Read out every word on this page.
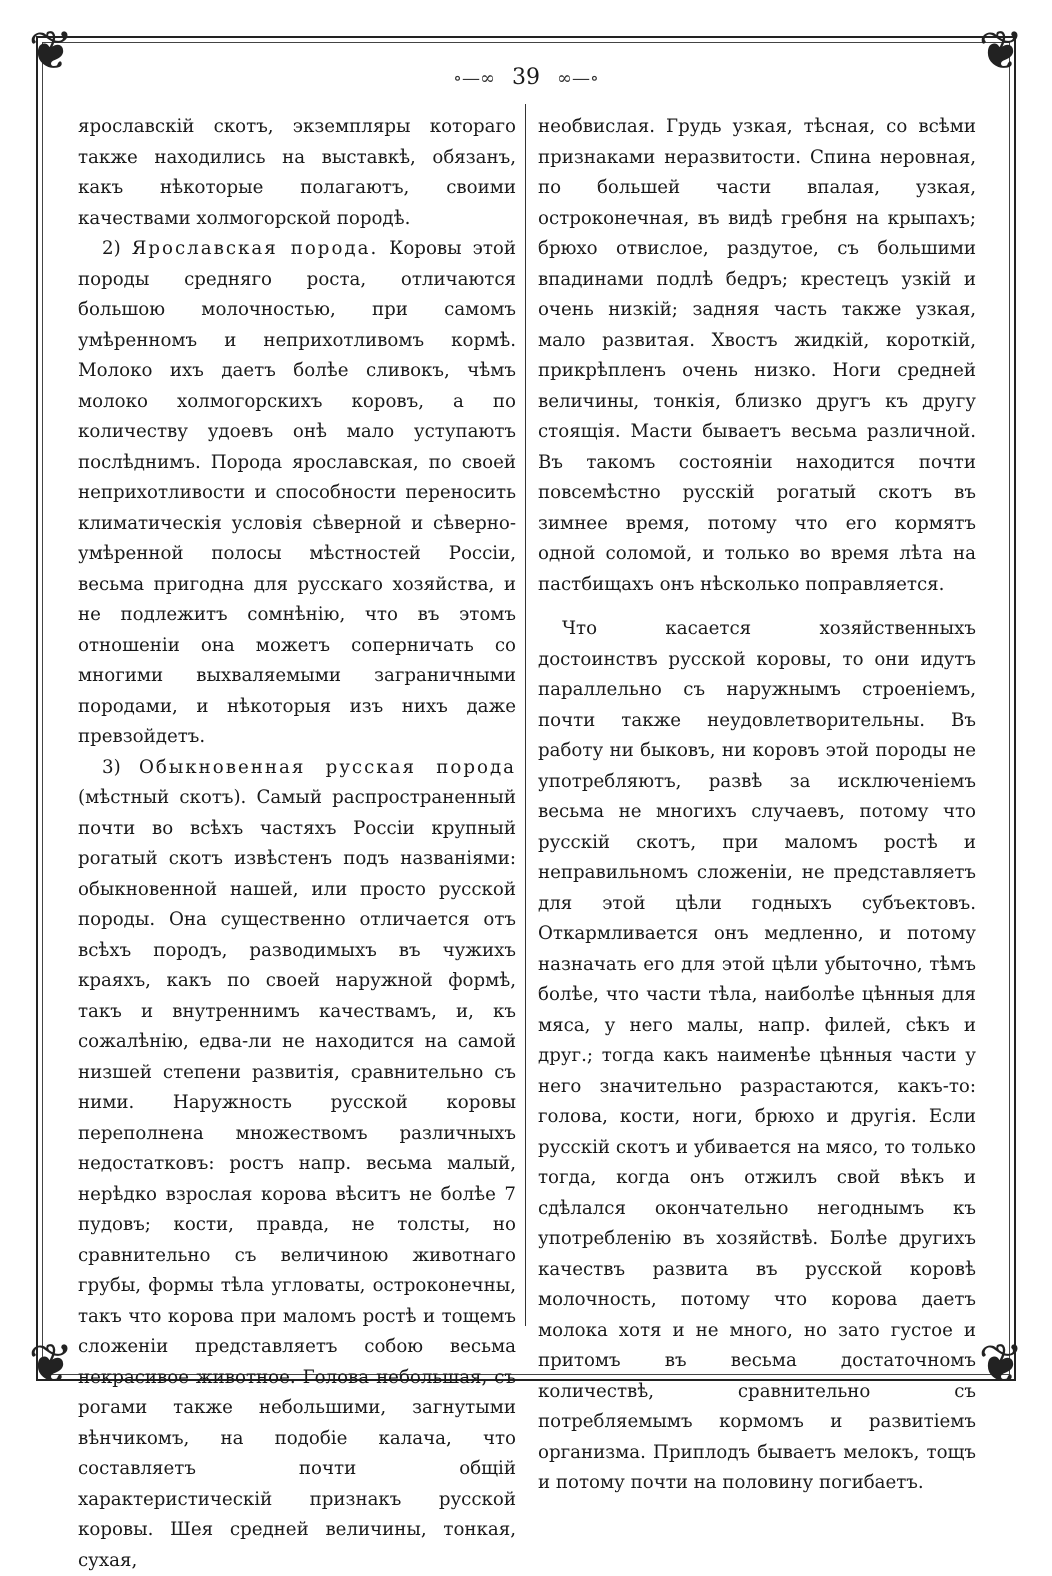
❦	❦
❦	❦
∘—∞ 39 ∞—∘

ярославскій скотъ, экземпляры котораго также находились на выставкѣ, обязанъ, какъ нѣкоторые полагаютъ, своими качествами холмогорской породѣ.

2) Ярославская порода. Коровы этой породы средняго роста, отличаются большою молочностью, при самомъ умѣренномъ и неприхотливомъ кормѣ. Молоко ихъ даетъ болѣе сливокъ, чѣмъ молоко холмогорскихъ коровъ, а по количеству удоевъ онѣ мало уступаютъ послѣднимъ. Порода ярославская, по своей неприхотливости и способности переносить климатическія условія сѣверной и сѣверно-умѣренной полосы мѣстностей Россіи, весьма пригодна для русскаго хозяйства, и не подлежитъ сомнѣнію, что въ этомъ отношеніи она можетъ соперничать со многими выхваляемыми заграничными породами, и нѣкоторыя изъ нихъ даже превзойдетъ.

3) Обыкновенная русская порода (мѣстный скотъ). Самый распространенный почти во всѣхъ частяхъ Россіи крупный рогатый скотъ извѣстенъ подъ названіями: обыкновенной нашей, или просто русской породы. Она существенно отличается отъ всѣхъ породъ, разводимыхъ въ чужихъ краяхъ, какъ по своей наружной формѣ, такъ и внутреннимъ качествамъ, и, къ сожалѣнію, едва-ли не находится на самой низшей степени развитія, сравнительно съ ними. Наружность русской коровы переполнена множествомъ различныхъ недостатковъ: ростъ напр. весьма малый, нерѣдко взрослая корова вѣситъ не болѣе 7 пудовъ; кости, правда, не толсты, но сравнительно съ величиною животнаго грубы, формы тѣла угловаты, остроконечны, такъ что корова при маломъ ростѣ и тощемъ сложеніи представляетъ собою весьма некрасивое животное. Голова небольшая, съ рогами также небольшими, загнутыми вѣнчикомъ, на подобіе калача, что составляетъ почти общій характеристическій признакъ русской коровы. Шея средней величины, тонкая, сухая,

необвислая. Грудь узкая, тѣсная, со всѣми признаками неразвитости. Спина неровная, по большей части впалая, узкая, остроконечная, въ видѣ гребня на крыпахъ; брюхо отвислое, раздутое, съ большими впадинами подлѣ бедръ; крестецъ узкій и очень низкій; задняя часть также узкая, мало развитая. Хвостъ жидкій, короткій, прикрѣпленъ очень низко. Ноги средней величины, тонкія, близко другъ къ другу стоящія. Масти бываетъ весьма различной. Въ такомъ состояніи находится почти повсемѣстно русскій рогатый скотъ въ зимнее время, потому что его кормятъ одной соломой, и только во время лѣта на пастбищахъ онъ нѣсколько поправляется.

Что касается хозяйственныхъ достоинствъ русской коровы, то они идутъ параллельно съ наружнымъ строеніемъ, почти также неудовлетворительны. Въ работу ни быковъ, ни коровъ этой породы не употребляютъ, развѣ за исключеніемъ весьма не многихъ случаевъ, потому что русскій скотъ, при маломъ ростѣ и неправильномъ сложеніи, не представляетъ для этой цѣли годныхъ субъектовъ. Откармливается онъ медленно, и потому назначать его для этой цѣли убыточно, тѣмъ болѣе, что части тѣла, наиболѣе цѣнныя для мяса, у него малы, напр. филей, сѣкъ и друг.; тогда какъ наименѣе цѣнныя части у него значительно разрастаются, какъ-то: голова, кости, ноги, брюхо и другія. Если русскій скотъ и убивается на мясо, то только тогда, когда онъ отжилъ свой вѣкъ и сдѣлался окончательно негоднымъ къ употребленію въ хозяйствѣ. Болѣе другихъ качествъ развита въ русской коровѣ молочность, потому что корова даетъ молока хотя и не много, но зато густое и притомъ въ весьма достаточномъ количествѣ, сравнительно съ потребляемымъ кормомъ и развитіемъ организма. Приплодъ бываетъ мелокъ, тощъ и потому почти на половину погибаетъ.
